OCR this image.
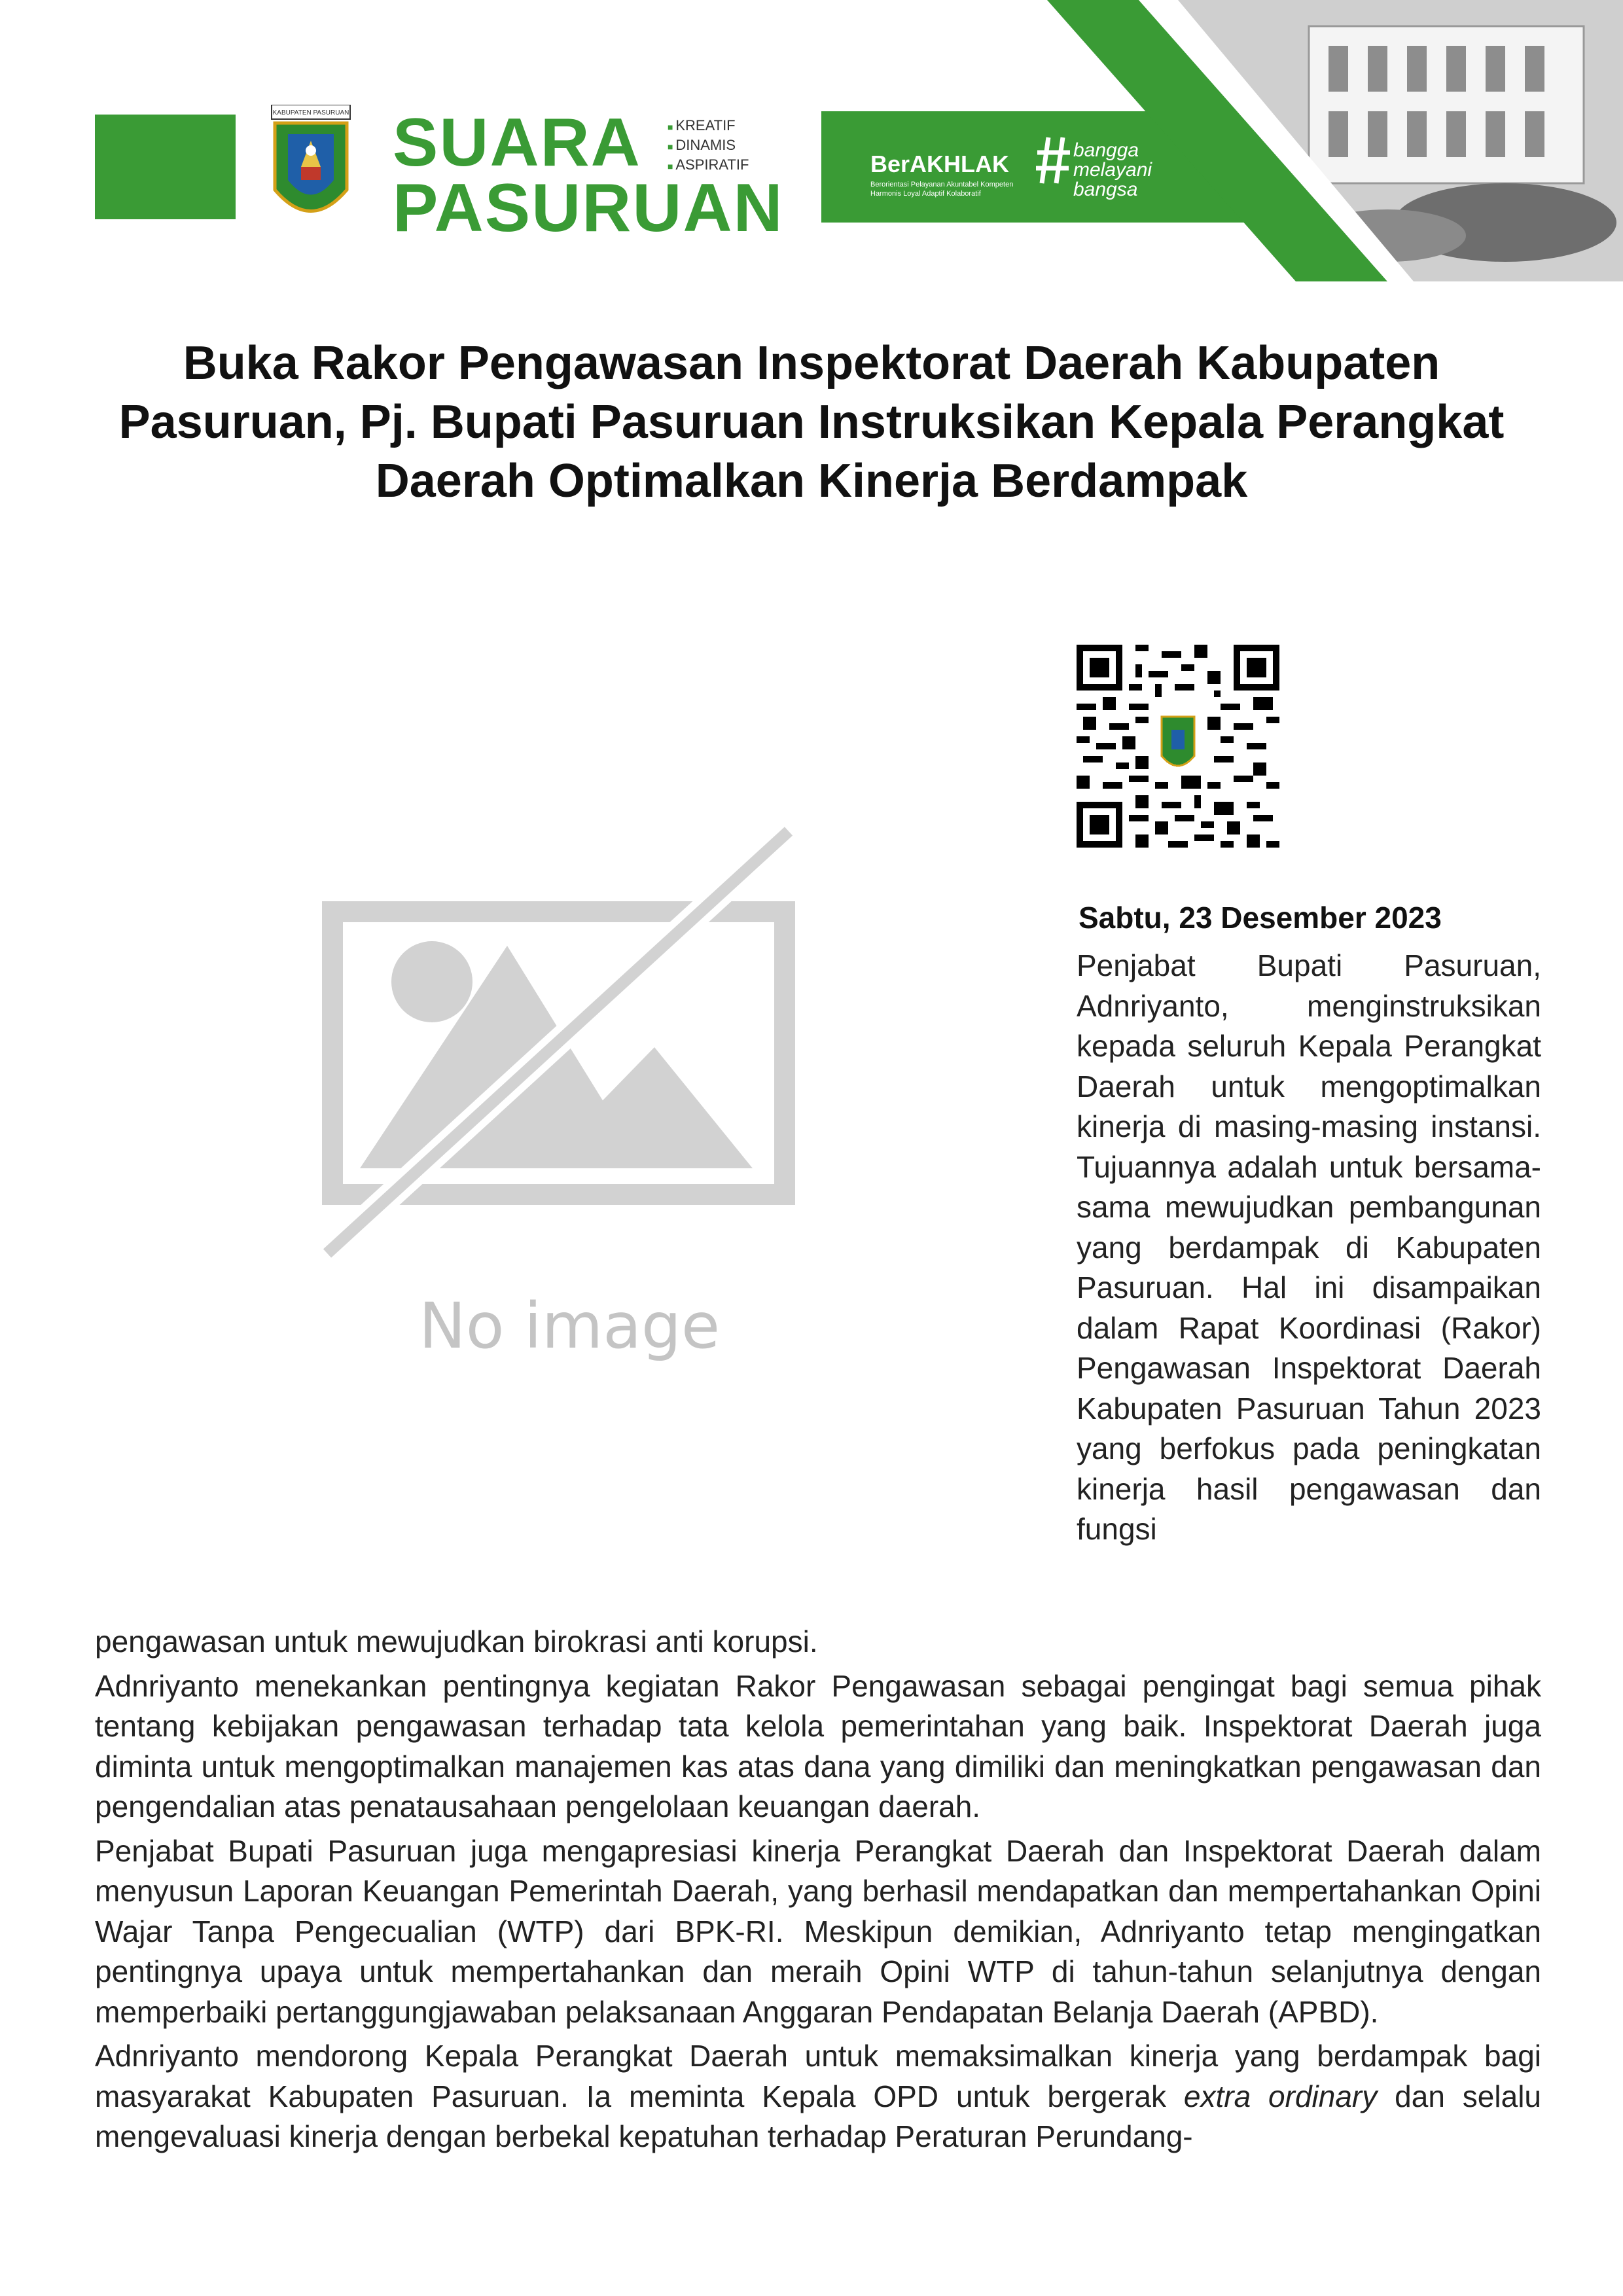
KABUPATEN PASURUAN SUARA
PASURUAN
■ KREATIF
■ DINAMIS
■ ASPIRATIF	BerAKHLAK
Berorientasi Pelayanan Akuntabel Kompeten Harmonis Loyal Adaptif Kolaboratif
bangga
melayani
bangsa
Buka Rakor Pengawasan Inspektorat Daerah Kabupaten Pasuruan, Pj. Bupati Pasuruan Instruksikan Kepala Perangkat Daerah Optimalkan Kinerja Berdampak
No image
Sabtu, 23 Desember 2023
Penjabat Bupati Pasuruan, Adnriyanto, menginstruksikan kepada seluruh Kepala Perangkat Daerah untuk mengoptimalkan kinerja di masing-masing instansi. Tujuannya adalah untuk bersama-sama mewujudkan pembangunan yang berdampak di Kabupaten Pasuruan. Hal ini disampaikan dalam Rapat Koordinasi (Rakor) Pengawasan Inspektorat Daerah Kabupaten Pasuruan Tahun 2023 yang berfokus pada peningkatan kinerja hasil pengawasan dan fungsi

pengawasan untuk mewujudkan birokrasi anti korupsi.

Adnriyanto menekankan pentingnya kegiatan Rakor Pengawasan sebagai pengingat bagi semua pihak tentang kebijakan pengawasan terhadap tata kelola pemerintahan yang baik. Inspektorat Daerah juga diminta untuk mengoptimalkan manajemen kas atas dana yang dimiliki dan meningkatkan pengawasan dan pengendalian atas penatausahaan pengelolaan keuangan daerah.

Penjabat Bupati Pasuruan juga mengapresiasi kinerja Perangkat Daerah dan Inspektorat Daerah dalam menyusun Laporan Keuangan Pemerintah Daerah, yang berhasil mendapatkan dan mempertahankan Opini Wajar Tanpa Pengecualian (WTP) dari BPK-RI. Meskipun demikian, Adnriyanto tetap mengingatkan pentingnya upaya untuk mempertahankan dan meraih Opini WTP di tahun-tahun selanjutnya dengan memperbaiki pertanggungjawaban pelaksanaan Anggaran Pendapatan Belanja Daerah (APBD).

Adnriyanto mendorong Kepala Perangkat Daerah untuk memaksimalkan kinerja yang berdampak bagi masyarakat Kabupaten Pasuruan. Ia meminta Kepala OPD untuk bergerak extra ordinary dan selalu mengevaluasi kinerja dengan berbekal kepatuhan terhadap Peraturan Perundang-
